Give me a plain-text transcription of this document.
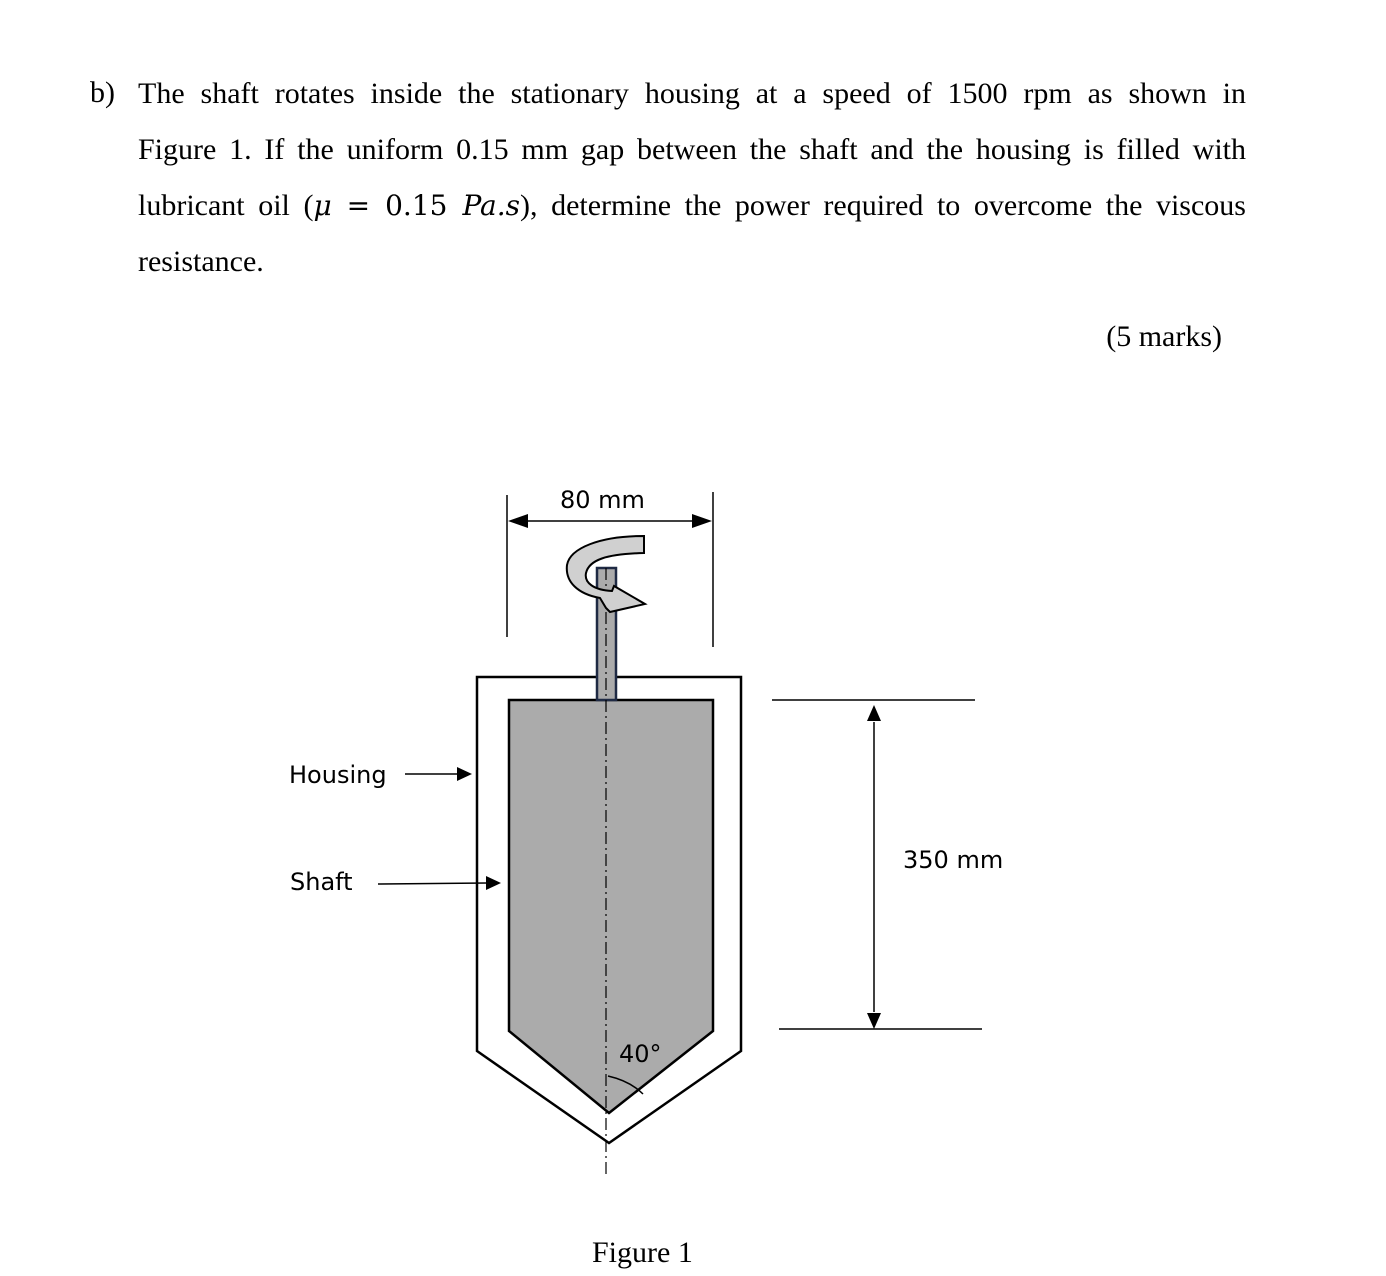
b) The shaft rotates inside the stationary housing at a speed of 1500 rpm as shown in
Figure 1. If the uniform 0.15 mm gap between the shaft and the housing is filled with
lubricant oil (μ = 0.15 Pa.s), determine the power required to overcome the viscous
resistance.
(5 marks)
80 mm
350 mm
40°
Housing
Shaft
Figure 1
